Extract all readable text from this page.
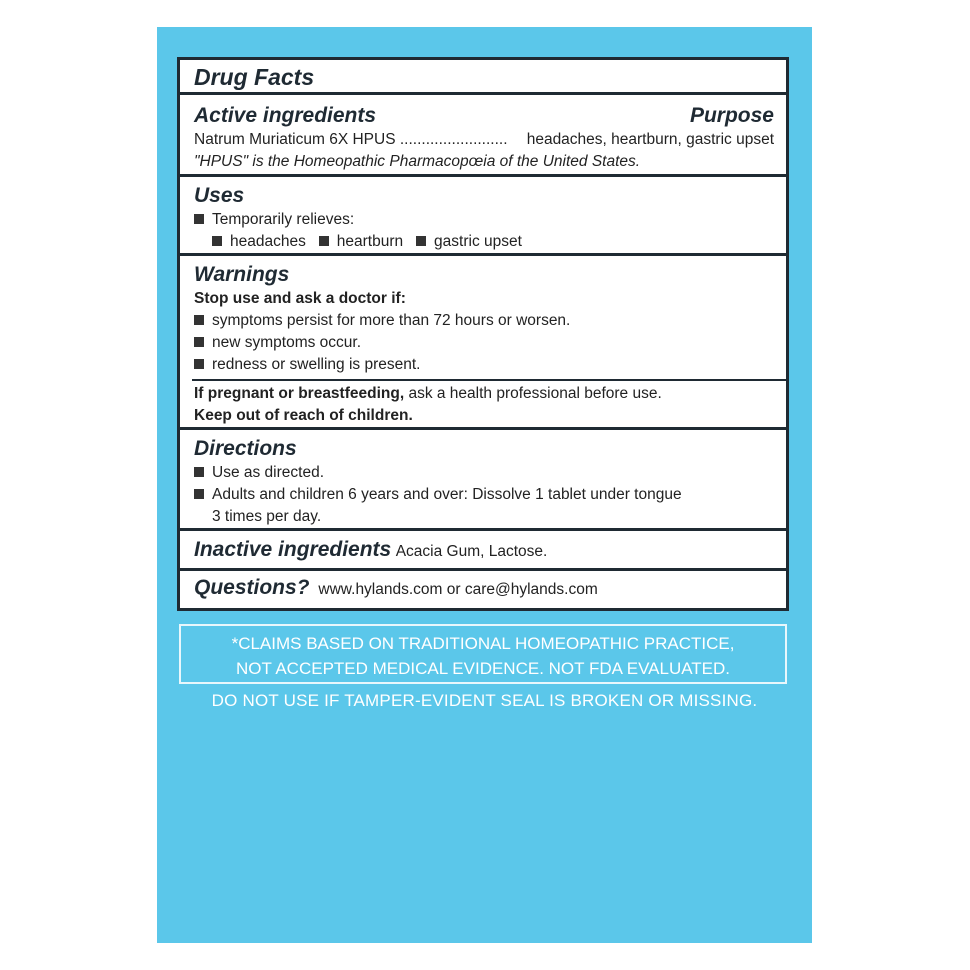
Drug Facts
Active ingredients	Purpose
Natrum Muriaticum 6X HPUS ......................... headaches, heartburn, gastric upset
"HPUS" is the Homeopathic Pharmacopœia of the United States.
Uses
Temporarily relieves:
headaches heartburn gastric upset
Warnings
Stop use and ask a doctor if:
symptoms persist for more than 72 hours or worsen.
new symptoms occur.
redness or swelling is present.
If pregnant or breastfeeding, ask a health professional before use.
Keep out of reach of children.
Directions
Use as directed.
Adults and children 6 years and over: Dissolve 1 tablet under tongue
3 times per day.
Inactive ingredients Acacia Gum, Lactose.
Questions? www.hylands.com or care@hylands.com
*CLAIMS BASED ON TRADITIONAL HOMEOPATHIC PRACTICE,
NOT ACCEPTED MEDICAL EVIDENCE. NOT FDA EVALUATED.
DO NOT USE IF TAMPER-EVIDENT SEAL IS BROKEN OR MISSING.
